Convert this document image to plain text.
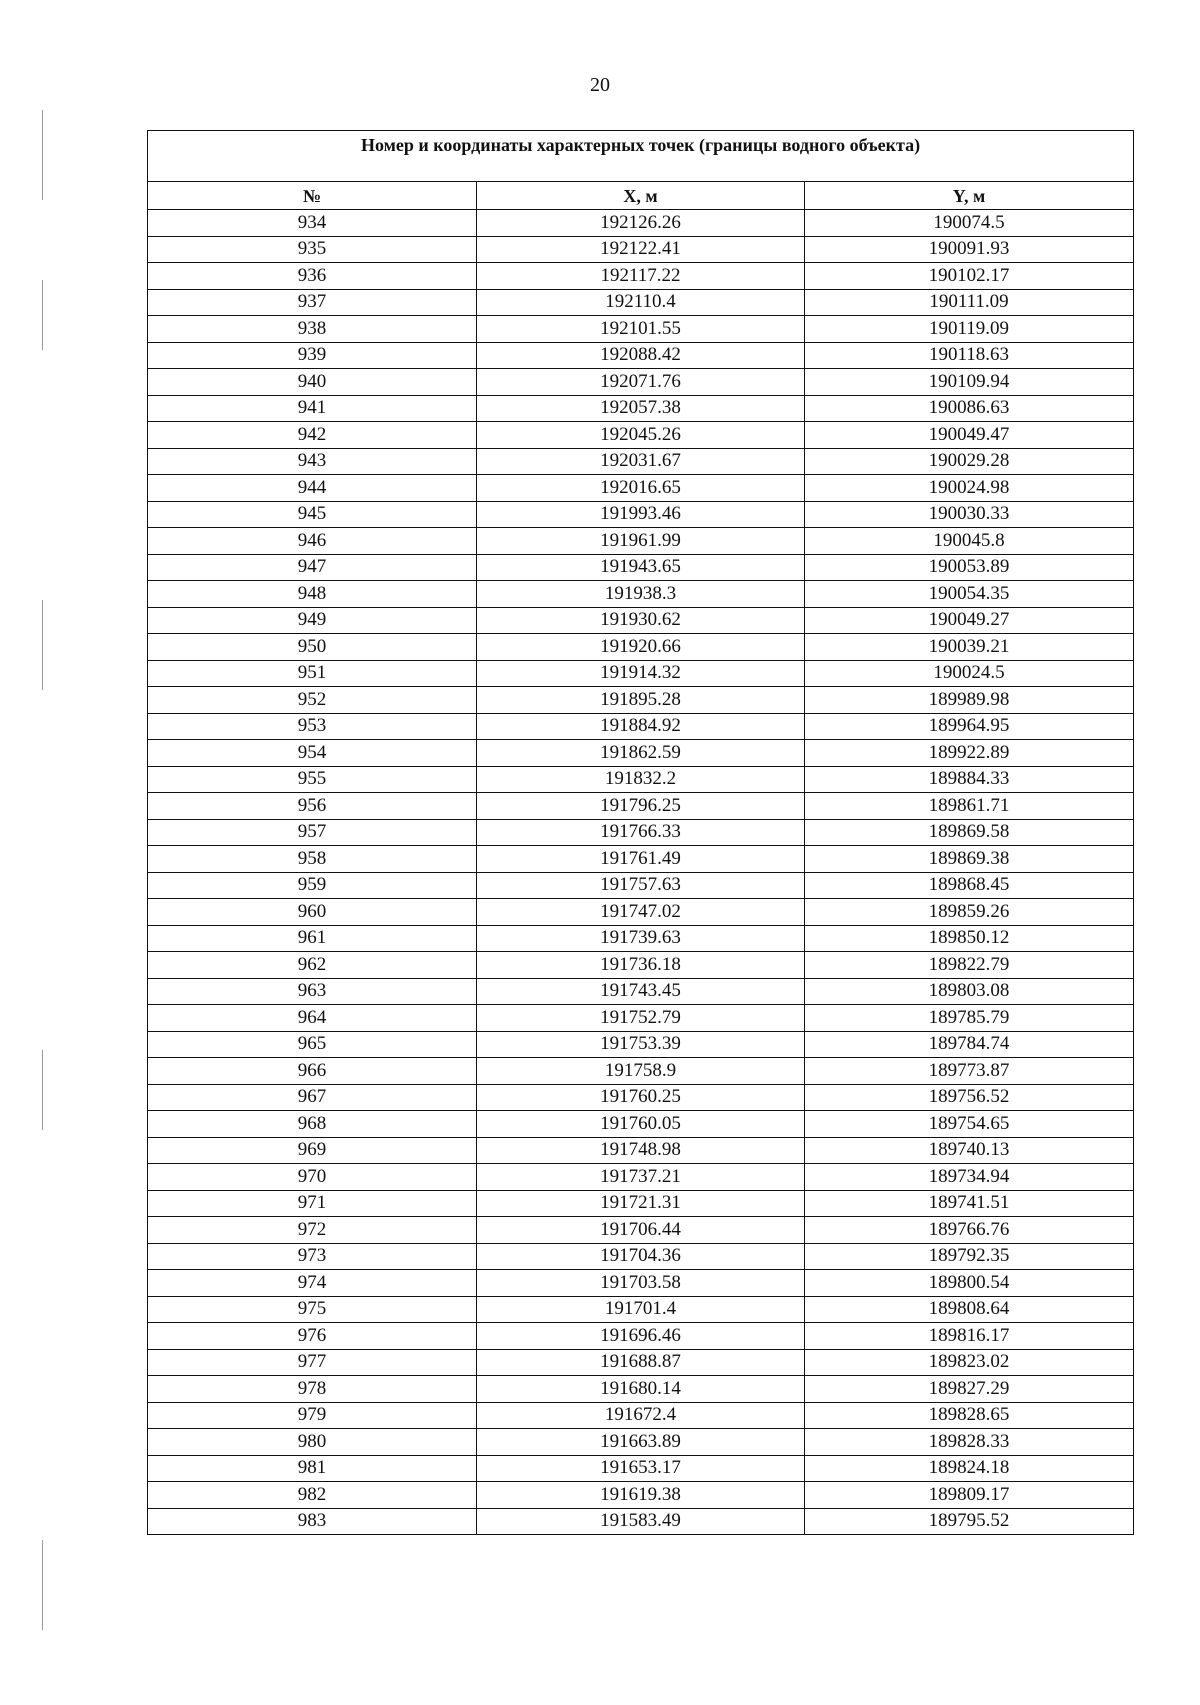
20
Номер и координаты характерных точек (границы водного объекта)		
№	X, м	Y, м
934	192126.26	190074.5
935	192122.41	190091.93
936	192117.22	190102.17
937	192110.4	190111.09
938	192101.55	190119.09
939	192088.42	190118.63
940	192071.76	190109.94
941	192057.38	190086.63
942	192045.26	190049.47
943	192031.67	190029.28
944	192016.65	190024.98
945	191993.46	190030.33
946	191961.99	190045.8
947	191943.65	190053.89
948	191938.3	190054.35
949	191930.62	190049.27
950	191920.66	190039.21
951	191914.32	190024.5
952	191895.28	189989.98
953	191884.92	189964.95
954	191862.59	189922.89
955	191832.2	189884.33
956	191796.25	189861.71
957	191766.33	189869.58
958	191761.49	189869.38
959	191757.63	189868.45
960	191747.02	189859.26
961	191739.63	189850.12
962	191736.18	189822.79
963	191743.45	189803.08
964	191752.79	189785.79
965	191753.39	189784.74
966	191758.9	189773.87
967	191760.25	189756.52
968	191760.05	189754.65
969	191748.98	189740.13
970	191737.21	189734.94
971	191721.31	189741.51
972	191706.44	189766.76
973	191704.36	189792.35
974	191703.58	189800.54
975	191701.4	189808.64
976	191696.46	189816.17
977	191688.87	189823.02
978	191680.14	189827.29
979	191672.4	189828.65
980	191663.89	189828.33
981	191653.17	189824.18
982	191619.38	189809.17
983	191583.49	189795.52
